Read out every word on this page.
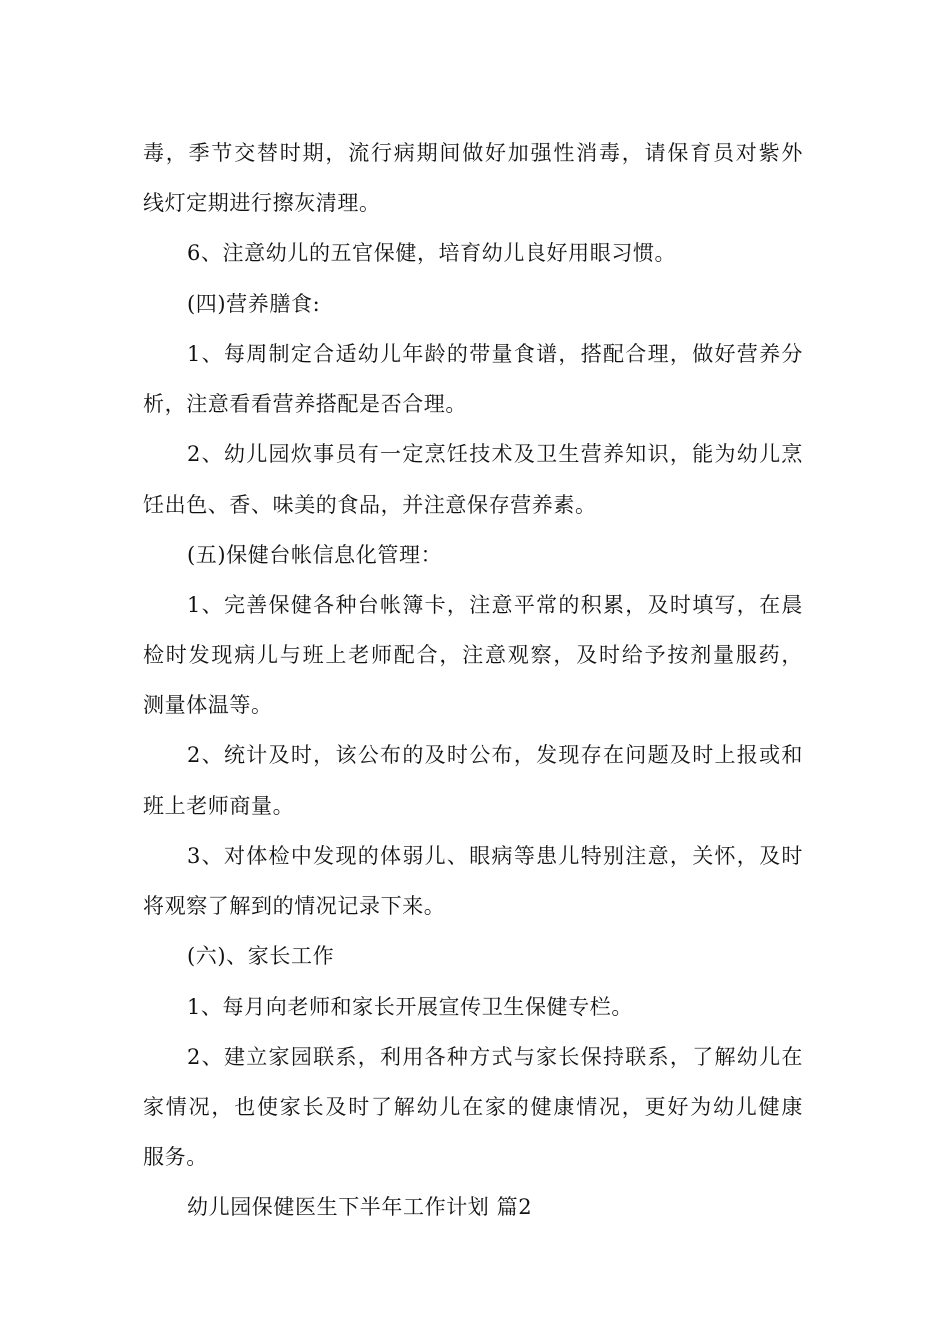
毒，季节交替时期，流行病期间做好加强性消毒，请保育员对紫外
线灯定期进行擦灰清理。
6、注意幼儿的五官保健，培育幼儿良好用眼习惯。
(四)营养膳食:
1、每周制定合适幼儿年龄的带量食谱，搭配合理，做好营养分
析，注意看看营养搭配是否合理。
2、幼儿园炊事员有一定烹饪技术及卫生营养知识，能为幼儿烹
饪出色、香、味美的食品，并注意保存营养素。
(五)保健台帐信息化管理：
1、完善保健各种台帐簿卡，注意平常的积累，及时填写，在晨
检时发现病儿与班上老师配合，注意观察，及时给予按剂量服药，
测量体温等。
2、统计及时，该公布的及时公布，发现存在问题及时上报或和
班上老师商量。
3、对体检中发现的体弱儿、眼病等患儿特别注意，关怀，及时
将观察了解到的情况记录下来。
(六)、家长工作
1、每月向老师和家长开展宣传卫生保健专栏。
2、建立家园联系，利用各种方式与家长保持联系，了解幼儿在
家情况，也使家长及时了解幼儿在家的健康情况，更好为幼儿健康
服务。
幼儿园保健医生下半年工作计划 篇2
